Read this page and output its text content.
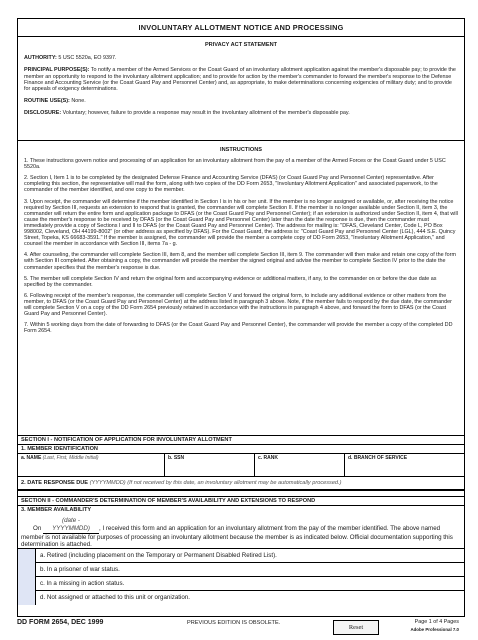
INVOLUNTARY ALLOTMENT NOTICE AND PROCESSING
PRIVACY ACT STATEMENT

AUTHORITY: 5 USC 5520a, EO 9397.

PRINCIPAL PURPOSE(S): To notify a member of the Armed Services or the Coast Guard of an involuntary allotment application against the member's disposable pay; to provide the member an opportunity to respond to the involuntary allotment application; and to provide for action by the member's commander to forward the member's response to the Defense Finance and Accounting Service (or the Coast Guard Pay and Personnel Center) and, as appropriate, to make determinations concerning exigencies of military duty; and to provide for appeals of exigency determinations.

ROUTINE USE(S): None.

DISCLOSURE: Voluntary; however, failure to provide a response may result in the involuntary allotment of the member's disposable pay.

INSTRUCTIONS

1. These instructions govern notice and processing of an application for an involuntary allotment from the pay of a member of the Armed Forces or the Coast Guard under 5 USC 5520a.

2. Section I, Item 1 is to be completed by the designated Defense Finance and Accounting Service (DFAS) (or Coast Guard Pay and Personnel Center) representative. After completing this section, the representative will mail the form, along with two copies of the DD Form 2653, "Involuntary Allotment Application" and associated paperwork, to the commander of the member identified, and one copy to the member.

3. Upon receipt, the commander will determine if the member identified in Section I is in his or her unit. If the member is no longer assigned or available, or, after receiving the notice required by Section III, requests an extension to respond that is granted, the commander will complete Section II. If the member is no longer available under Section II, item 3, the commander will return the entire form and application package to DFAS (or the Coast Guard Pay and Personnel Center); if an extension is authorized under Section II, item 4, that will cause the member's response to be received by DFAS (or the Coast Guard Pay and Personnel Center) later than the date the response is due, then the commander must immediately provide a copy of Sections I and II to DFAS (or the Coast Guard Pay and Personnel Center). The address for mailing is: "DFAS, Cleveland Center, Code L, PO Box 998002, Cleveland, OH 44199-8002" (or other address as specified by DFAS). For the Coast Guard, the address is: "Coast Guard Pay and Personnel Center (LGL), 444 S.E. Quincy Street, Topeka, KS 66683-3591." If the member is assigned, the commander will provide the member a complete copy of DD Form 2653, "Involuntary Allotment Application," and counsel the member in accordance with Section III, items 7a - g.

4. After counseling, the commander will complete Section III, item 8, and the member will complete Section III, item 9. The commander will then make and retain one copy of the form with Section III completed. After obtaining a copy, the commander will provide the member the signed original and advise the member to complete Section IV prior to the date the commander specifies that the member's response is due.

5. The member will complete Section IV and return the original form and accompanying evidence or additional matters, if any, to the commander on or before the due date as specified by the commander.

6. Following receipt of the member's response, the commander will complete Section V and forward the original form, to include any additional evidence or other matters from the member, to DFAS (or the Coast Guard Pay and Personnel Center) at the address listed in paragraph 3 above. Note, if the member fails to respond by the due date, the commander will complete Section V on a copy of the DD Form 2654 previously retained in accordance with the instructions in paragraph 4 above, and forward the form to DFAS (or the Coast Guard Pay and Personnel Center).

7. Within 5 working days from the date of forwarding to DFAS (or the Coast Guard Pay and Personnel Center), the commander will provide the member a copy of the completed DD Form 2654.

SECTION I - NOTIFICATION OF APPLICATION FOR INVOLUNTARY ALLOTMENT
1. MEMBER IDENTIFICATION
a. NAME (Last, First, Middle Initial)	b. SSN	c. RANK	d. BRANCH OF SERVICE
2. DATE RESPONSE DUE (YYYYMMDD) (If not received by this date, an involuntary allotment may be automatically processed.)
SECTION II - COMMANDER'S DETERMINATION OF MEMBER'S AVAILABILITY AND EXTENSIONS TO RESPOND
3. MEMBER AVAILABILITY
On (date - YYYYMMDD) , I received this form and an application for an involuntary allotment from the pay of the member identified. The above named member is not available for purposes of processing an involuntary allotment because the member is as indicated below. Official documentation supporting this determination is attached.
a. Retired (including placement on the Temporary or Permanent Disabled Retired List).
b. In a prisoner of war status.
c. In a missing in action status.
d. Not assigned or attached to this unit or organization.
DD FORM 2654, DEC 1999	PREVIOUS EDITION IS OBSOLETE.
Reset
Page 1 of 4 Pages
Adobe Professional 7.0
